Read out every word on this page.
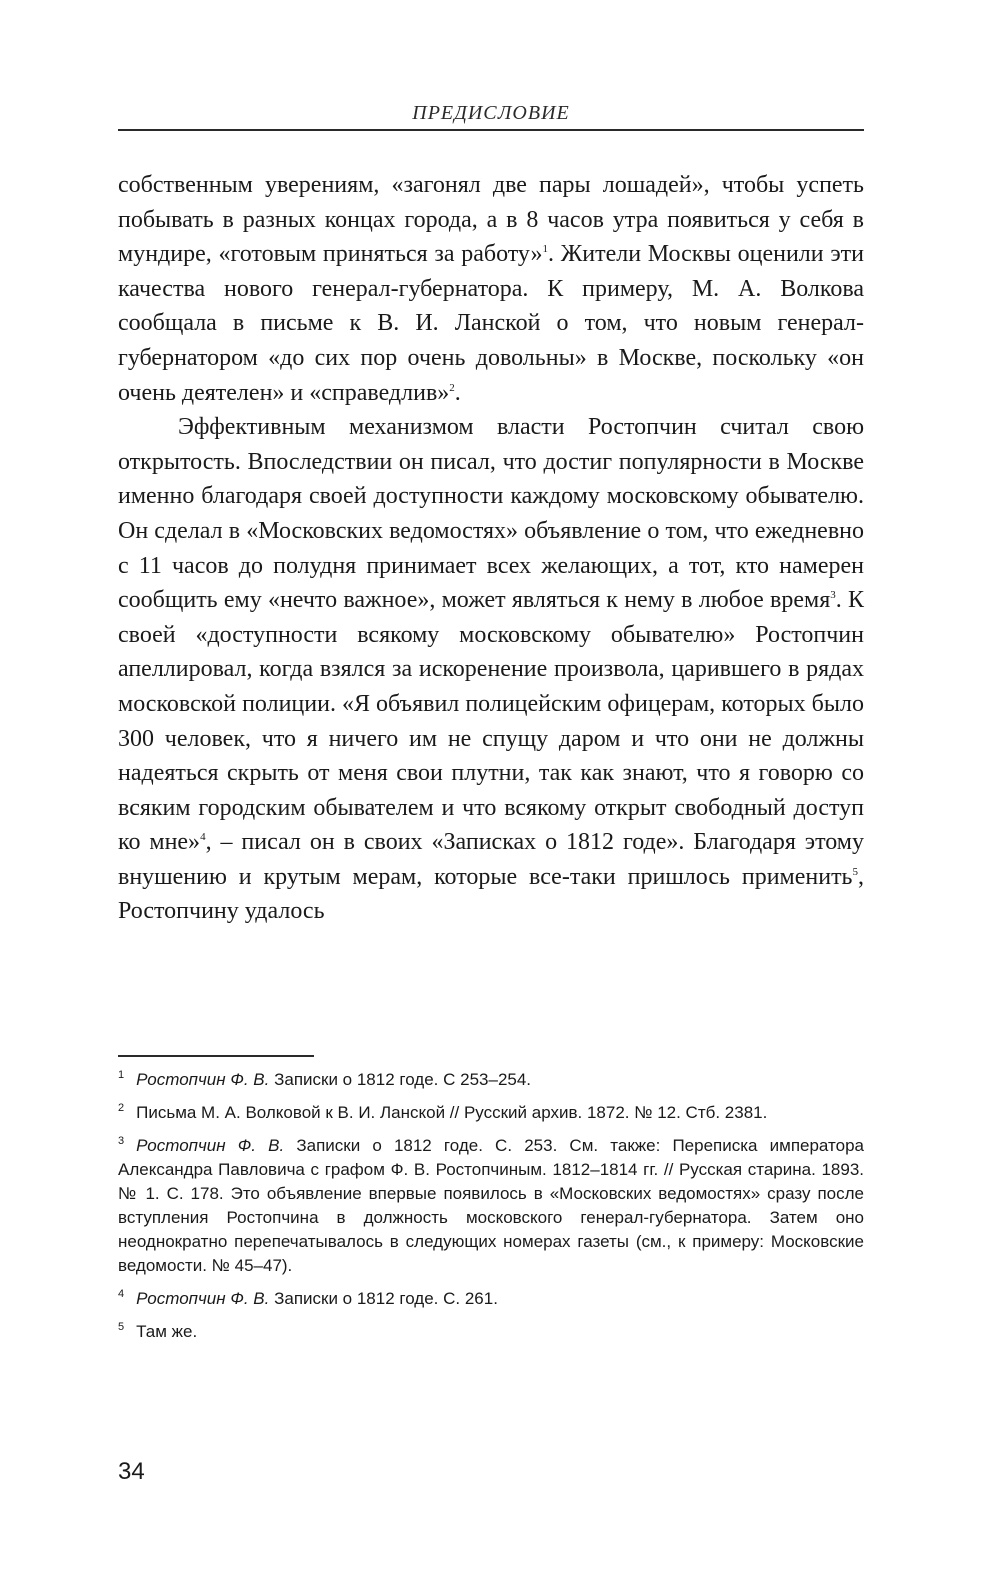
ПРЕДИСЛОВИЕ

собственным уверениям, «загонял две пары лошадей», чтобы успеть побывать в разных концах города, а в 8 часов утра появиться у себя в мундире, «готовым приняться за работу»$^1$. Жители Москвы оценили эти качества нового генерал-губернатора. К примеру, М. А. Волкова сообщала в письме к В. И. Ланской о том, что новым генерал-губернатором «до сих пор очень довольны» в Москве, поскольку «он очень деятелен» и «справедлив»$^2$.

Эффективным механизмом власти Ростопчин считал свою открытость. Впоследствии он писал, что достиг популярности в Москве именно благодаря своей доступности каждому московскому обывателю. Он сделал в «Московских ведомостях» объявление о том, что ежедневно с 11 часов до полудня принимает всех желающих, а тот, кто намерен сообщить ему «нечто важное», может являться к нему в любое время$^3$. К своей «доступности всякому московскому обывателю» Ростопчин апеллировал, когда взялся за искоренение произвола, царившего в рядах московской полиции. «Я объявил полицейским офицерам, которых было 300 человек, что я ничего им не спущу даром и что они не должны надеяться скрыть от меня свои плутни, так как знают, что я говорю со всяким городским обывателем и что всякому открыт свободный доступ ко мне»$^4$, – писал он в своих «Записках о 1812 годе». Благодаря этому внушению и крутым мерам, которые все-таки пришлось применить$^5$, Ростопчину удалось

$^1$ Ростопчин Ф. В. Записки о 1812 годе. С 253–254.

$^2$ Письма М. А. Волковой к В. И. Ланской // Русский архив. 1872. № 12. Стб. 2381.

$^3$ Ростопчин Ф. В. Записки о 1812 годе. С. 253. См. также: Переписка императора Александра Павловича с графом Ф. В. Ростопчиным. 1812–1814 гг. // Русская старина. 1893. № 1. С. 178. Это объявление впервые появилось в «Московских ведомостях» сразу после вступления Ростопчина в должность московского генерал-губернатора. Затем оно неоднократно перепечатывалось в следующих номерах газеты (см., к примеру: Московские ведомости. № 45–47).

$^4$ Ростопчин Ф. В. Записки о 1812 годе. С. 261.

$^5$ Там же.

34
